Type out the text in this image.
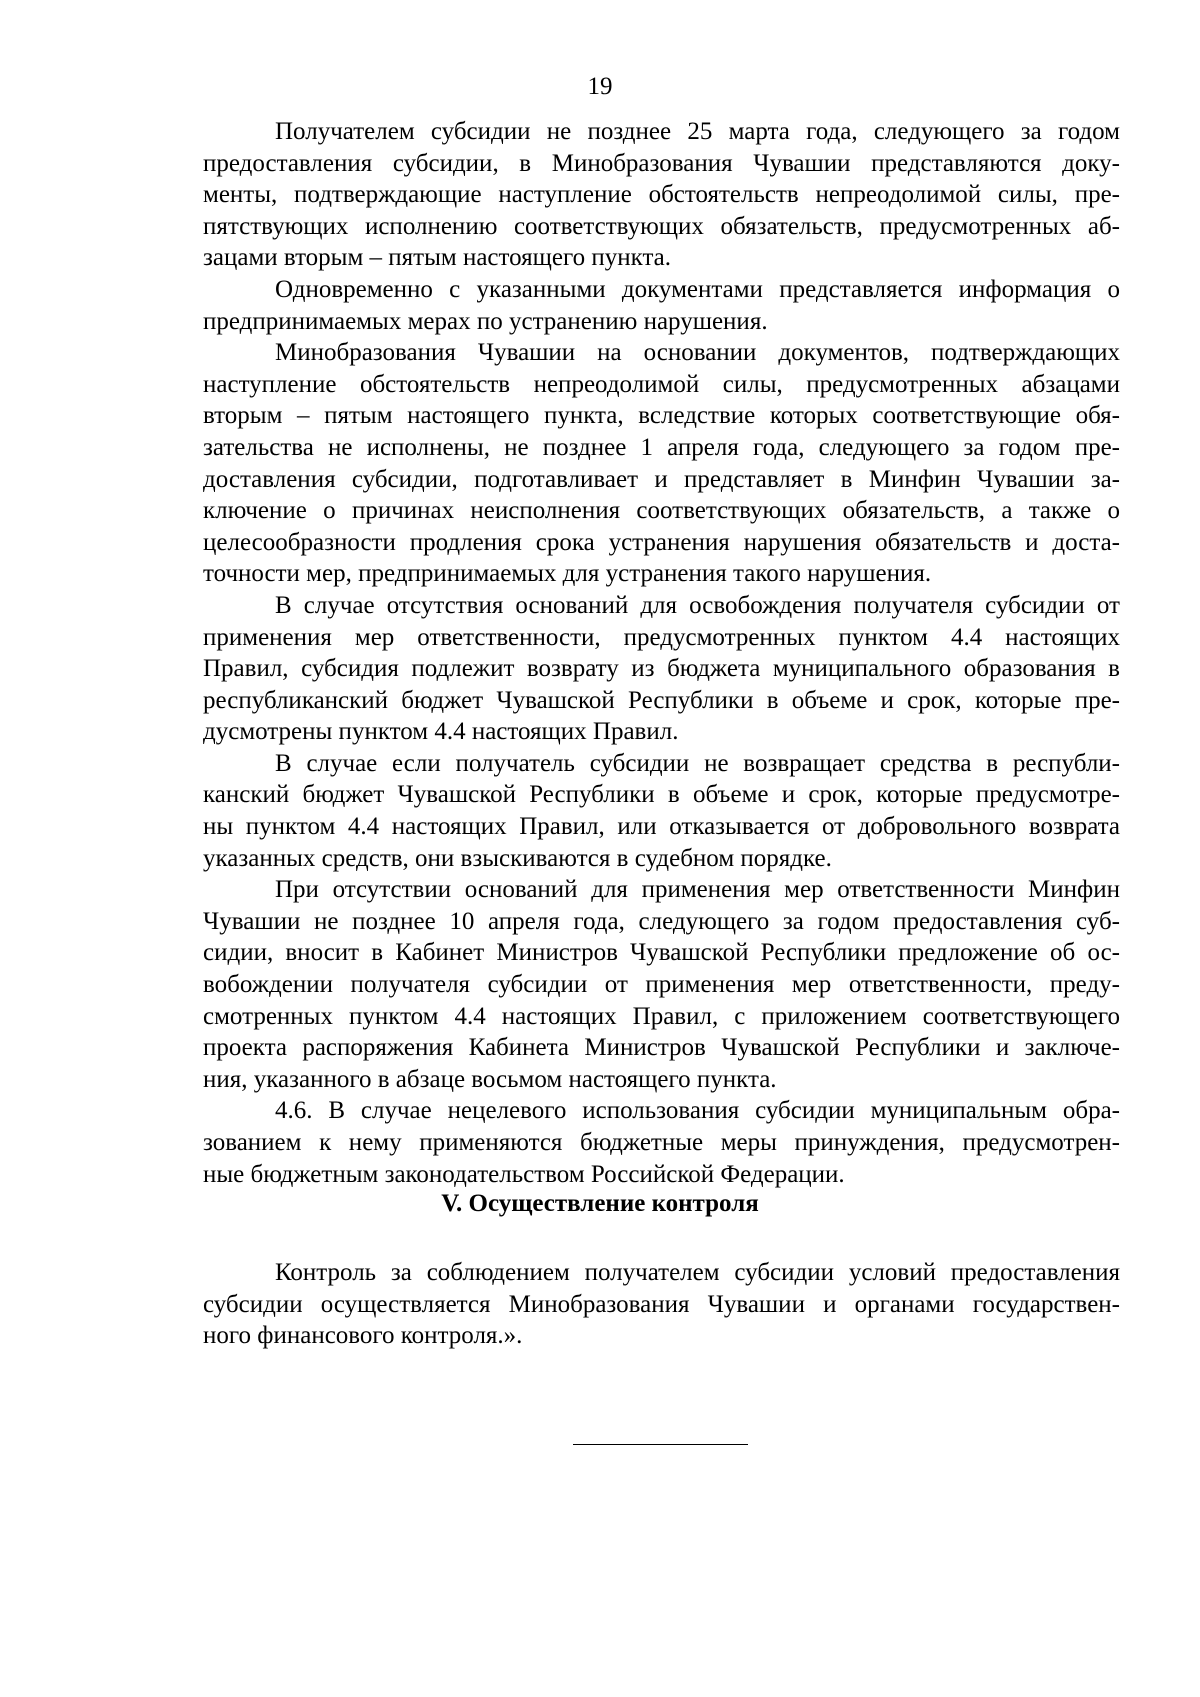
19

Получателем субсидии не позднее 25 марта года, следующего за годом
предоставления субсидии, в Минобразования Чувашии представляются доку-
менты, подтверждающие наступление обстоятельств непреодолимой силы, пре-
пятствующих исполнению соответствующих обязательств, предусмотренных аб-
зацами вторым – пятым настоящего пункта.

Одновременно с указанными документами представляется информация о
предпринимаемых мерах по устранению нарушения.

Минобразования Чувашии на основании документов, подтверждающих
наступление обстоятельств непреодолимой силы, предусмотренных абзацами
вторым – пятым настоящего пункта, вследствие которых соответствующие обя-
зательства не исполнены, не позднее 1 апреля года, следующего за годом пре-
доставления субсидии, подготавливает и представляет в Минфин Чувашии за-
ключение о причинах неисполнения соответствующих обязательств, а также о
целесообразности продления срока устранения нарушения обязательств и доста-
точности мер, предпринимаемых для устранения такого нарушения.

В случае отсутствия оснований для освобождения получателя субсидии от
применения мер ответственности, предусмотренных пунктом 4.4 настоящих
Правил, субсидия подлежит возврату из бюджета муниципального образования в
республиканский бюджет Чувашской Республики в объеме и срок, которые пре-
дусмотрены пунктом 4.4 настоящих Правил.

В случае если получатель субсидии не возвращает средства в республи-
канский бюджет Чувашской Республики в объеме и срок, которые предусмотре-
ны пунктом 4.4 настоящих Правил, или отказывается от добровольного возврата
указанных средств, они взыскиваются в судебном порядке.

При отсутствии оснований для применения мер ответственности Минфин
Чувашии не позднее 10 апреля года, следующего за годом предоставления суб-
сидии, вносит в Кабинет Министров Чувашской Республики предложение об ос-
вобождении получателя субсидии от применения мер ответственности, преду-
смотренных пунктом 4.4 настоящих Правил, с приложением соответствующего
проекта распоряжения Кабинета Министров Чувашской Республики и заключе-
ния, указанного в абзаце восьмом настоящего пункта.

4.6. В случае нецелевого использования субсидии муниципальным обра-
зованием к нему применяются бюджетные меры принуждения, предусмотрен-
ные бюджетным законодательством Российской Федерации.

V. Осуществление контроля

Контроль за соблюдением получателем субсидии условий предоставления
субсидии осуществляется Минобразования Чувашии и органами государствен-
ного финансового контроля.».
